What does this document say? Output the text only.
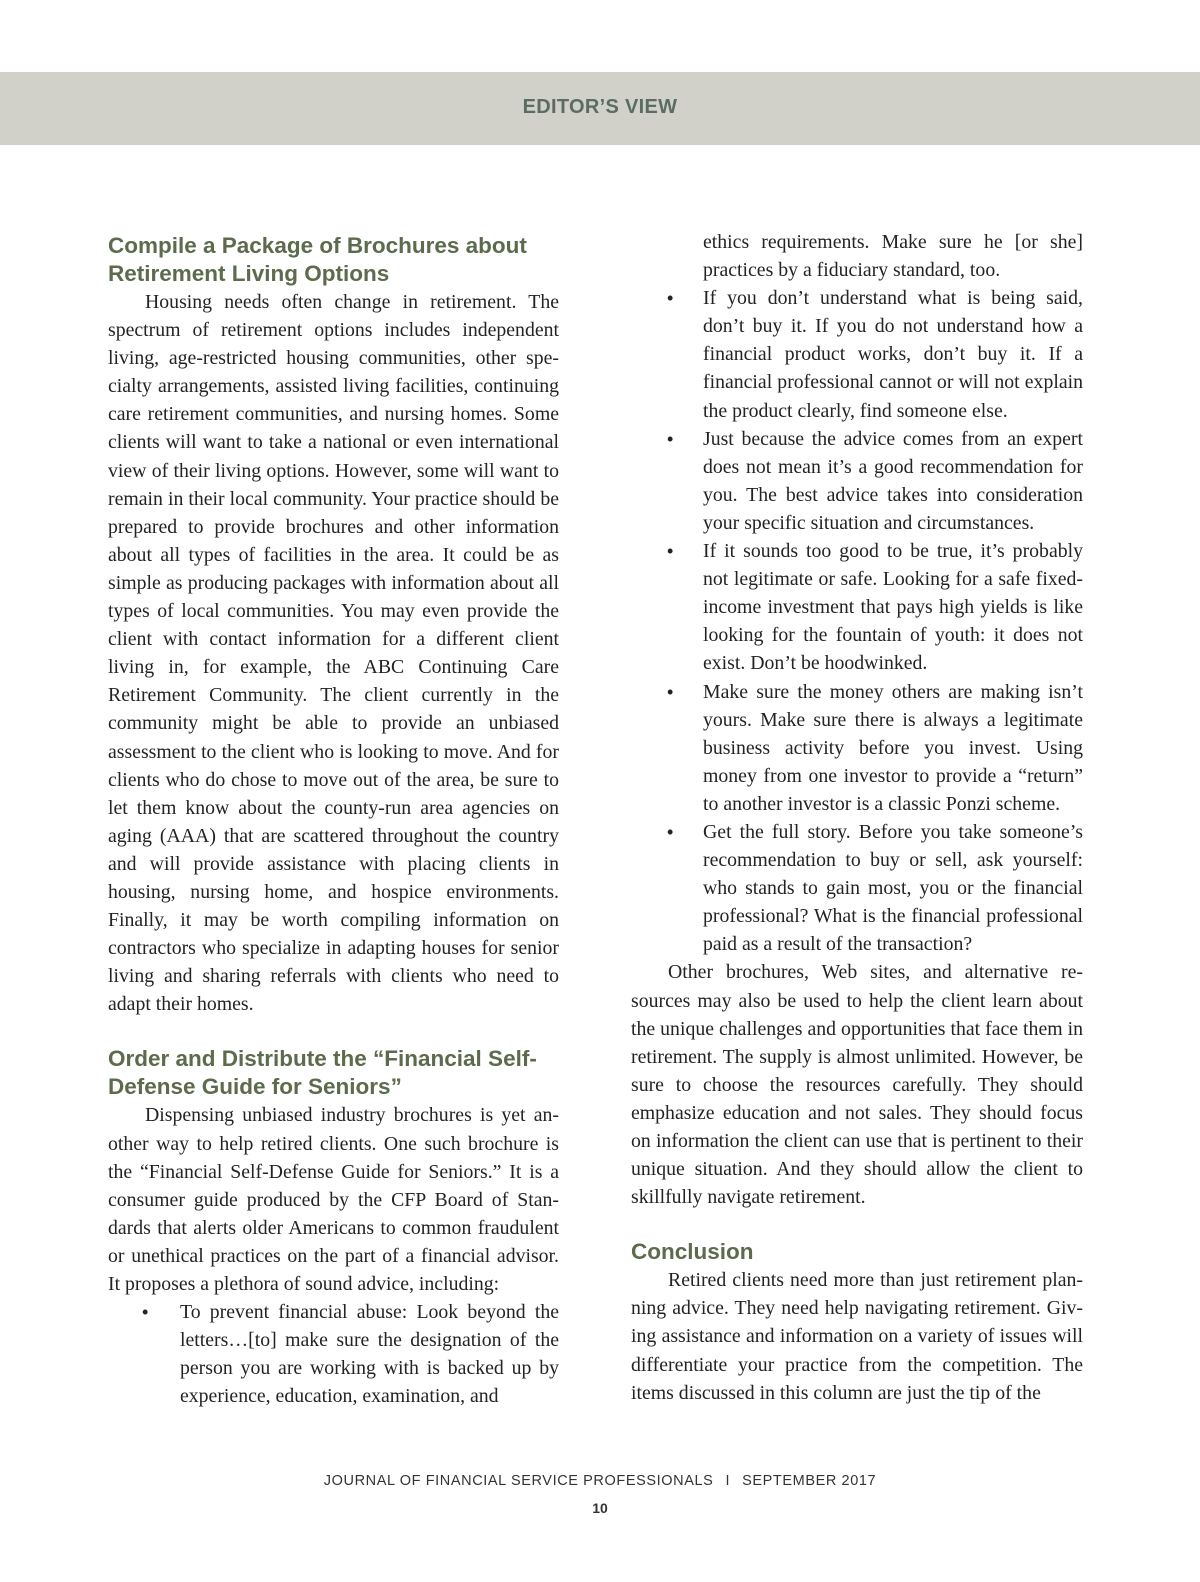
EDITOR’S VIEW
Compile a Package of Brochures about Retirement Living Options

Housing needs often change in retirement. The spectrum of retirement options includes independent living, age-restricted housing communities, other specialty arrangements, assisted living facilities, continuing care retirement communities, and nursing homes. Some clients will want to take a national or even international view of their living options. However, some will want to remain in their local community. Your practice should be prepared to provide brochures and other information about all types of facilities in the area. It could be as simple as producing packages with information about all types of local communities. You may even provide the client with contact information for a different client living in, for example, the ABC Continuing Care Retirement Community. The client currently in the community might be able to provide an unbiased assessment to the client who is looking to move. And for clients who do chose to move out of the area, be sure to let them know about the county-run area agencies on aging (AAA) that are scattered throughout the country and will provide assistance with placing clients in housing, nursing home, and hospice environments. Finally, it may be worth compiling information on contractors who specialize in adapting houses for senior living and sharing referrals with clients who need to adapt their homes.

Order and Distribute the “Financial Self-Defense Guide for Seniors”

Dispensing unbiased industry brochures is yet another way to help retired clients. One such brochure is the “Financial Self-Defense Guide for Seniors.” It is a consumer guide produced by the CFP Board of Standards that alerts older Americans to common fraudulent or unethical practices on the part of a financial advisor. It proposes a plethora of sound advice, including:

• To prevent financial abuse: Look beyond the letters…[to] make sure the designation of the person you are working with is backed up by experience, education, examination, and

ethics requirements. Make sure he [or she] practices by a fiduciary standard, too.

• If you don’t understand what is being said, don’t buy it. If you do not understand how a financial product works, don’t buy it. If a financial professional cannot or will not explain the product clearly, find someone else.
• Just because the advice comes from an expert does not mean it’s a good recommendation for you. The best advice takes into consideration your specific situation and circumstances.
• If it sounds too good to be true, it’s probably not legitimate or safe. Looking for a safe fixed-income investment that pays high yields is like looking for the fountain of youth: it does not exist. Don’t be hoodwinked.
• Make sure the money others are making isn’t yours. Make sure there is always a legitimate business activity before you invest. Using money from one investor to provide a “return” to another investor is a classic Ponzi scheme.
• Get the full story. Before you take someone’s recommendation to buy or sell, ask yourself: who stands to gain most, you or the financial professional? What is the financial professional paid as a result of the transaction?

Other brochures, Web sites, and alternative resources may also be used to help the client learn about the unique challenges and opportunities that face them in retirement. The supply is almost unlimited. However, be sure to choose the resources carefully. They should emphasize education and not sales. They should focus on information the client can use that is pertinent to their unique situation. And they should allow the client to skillfully navigate retirement.

Conclusion

Retired clients need more than just retirement planning advice. They need help navigating retirement. Giving assistance and information on a variety of issues will differentiate your practice from the competition. The items discussed in this column are just the tip of the

JOURNAL OF FINANCIAL SERVICE PROFESSIONALS I SEPTEMBER 2017
10
